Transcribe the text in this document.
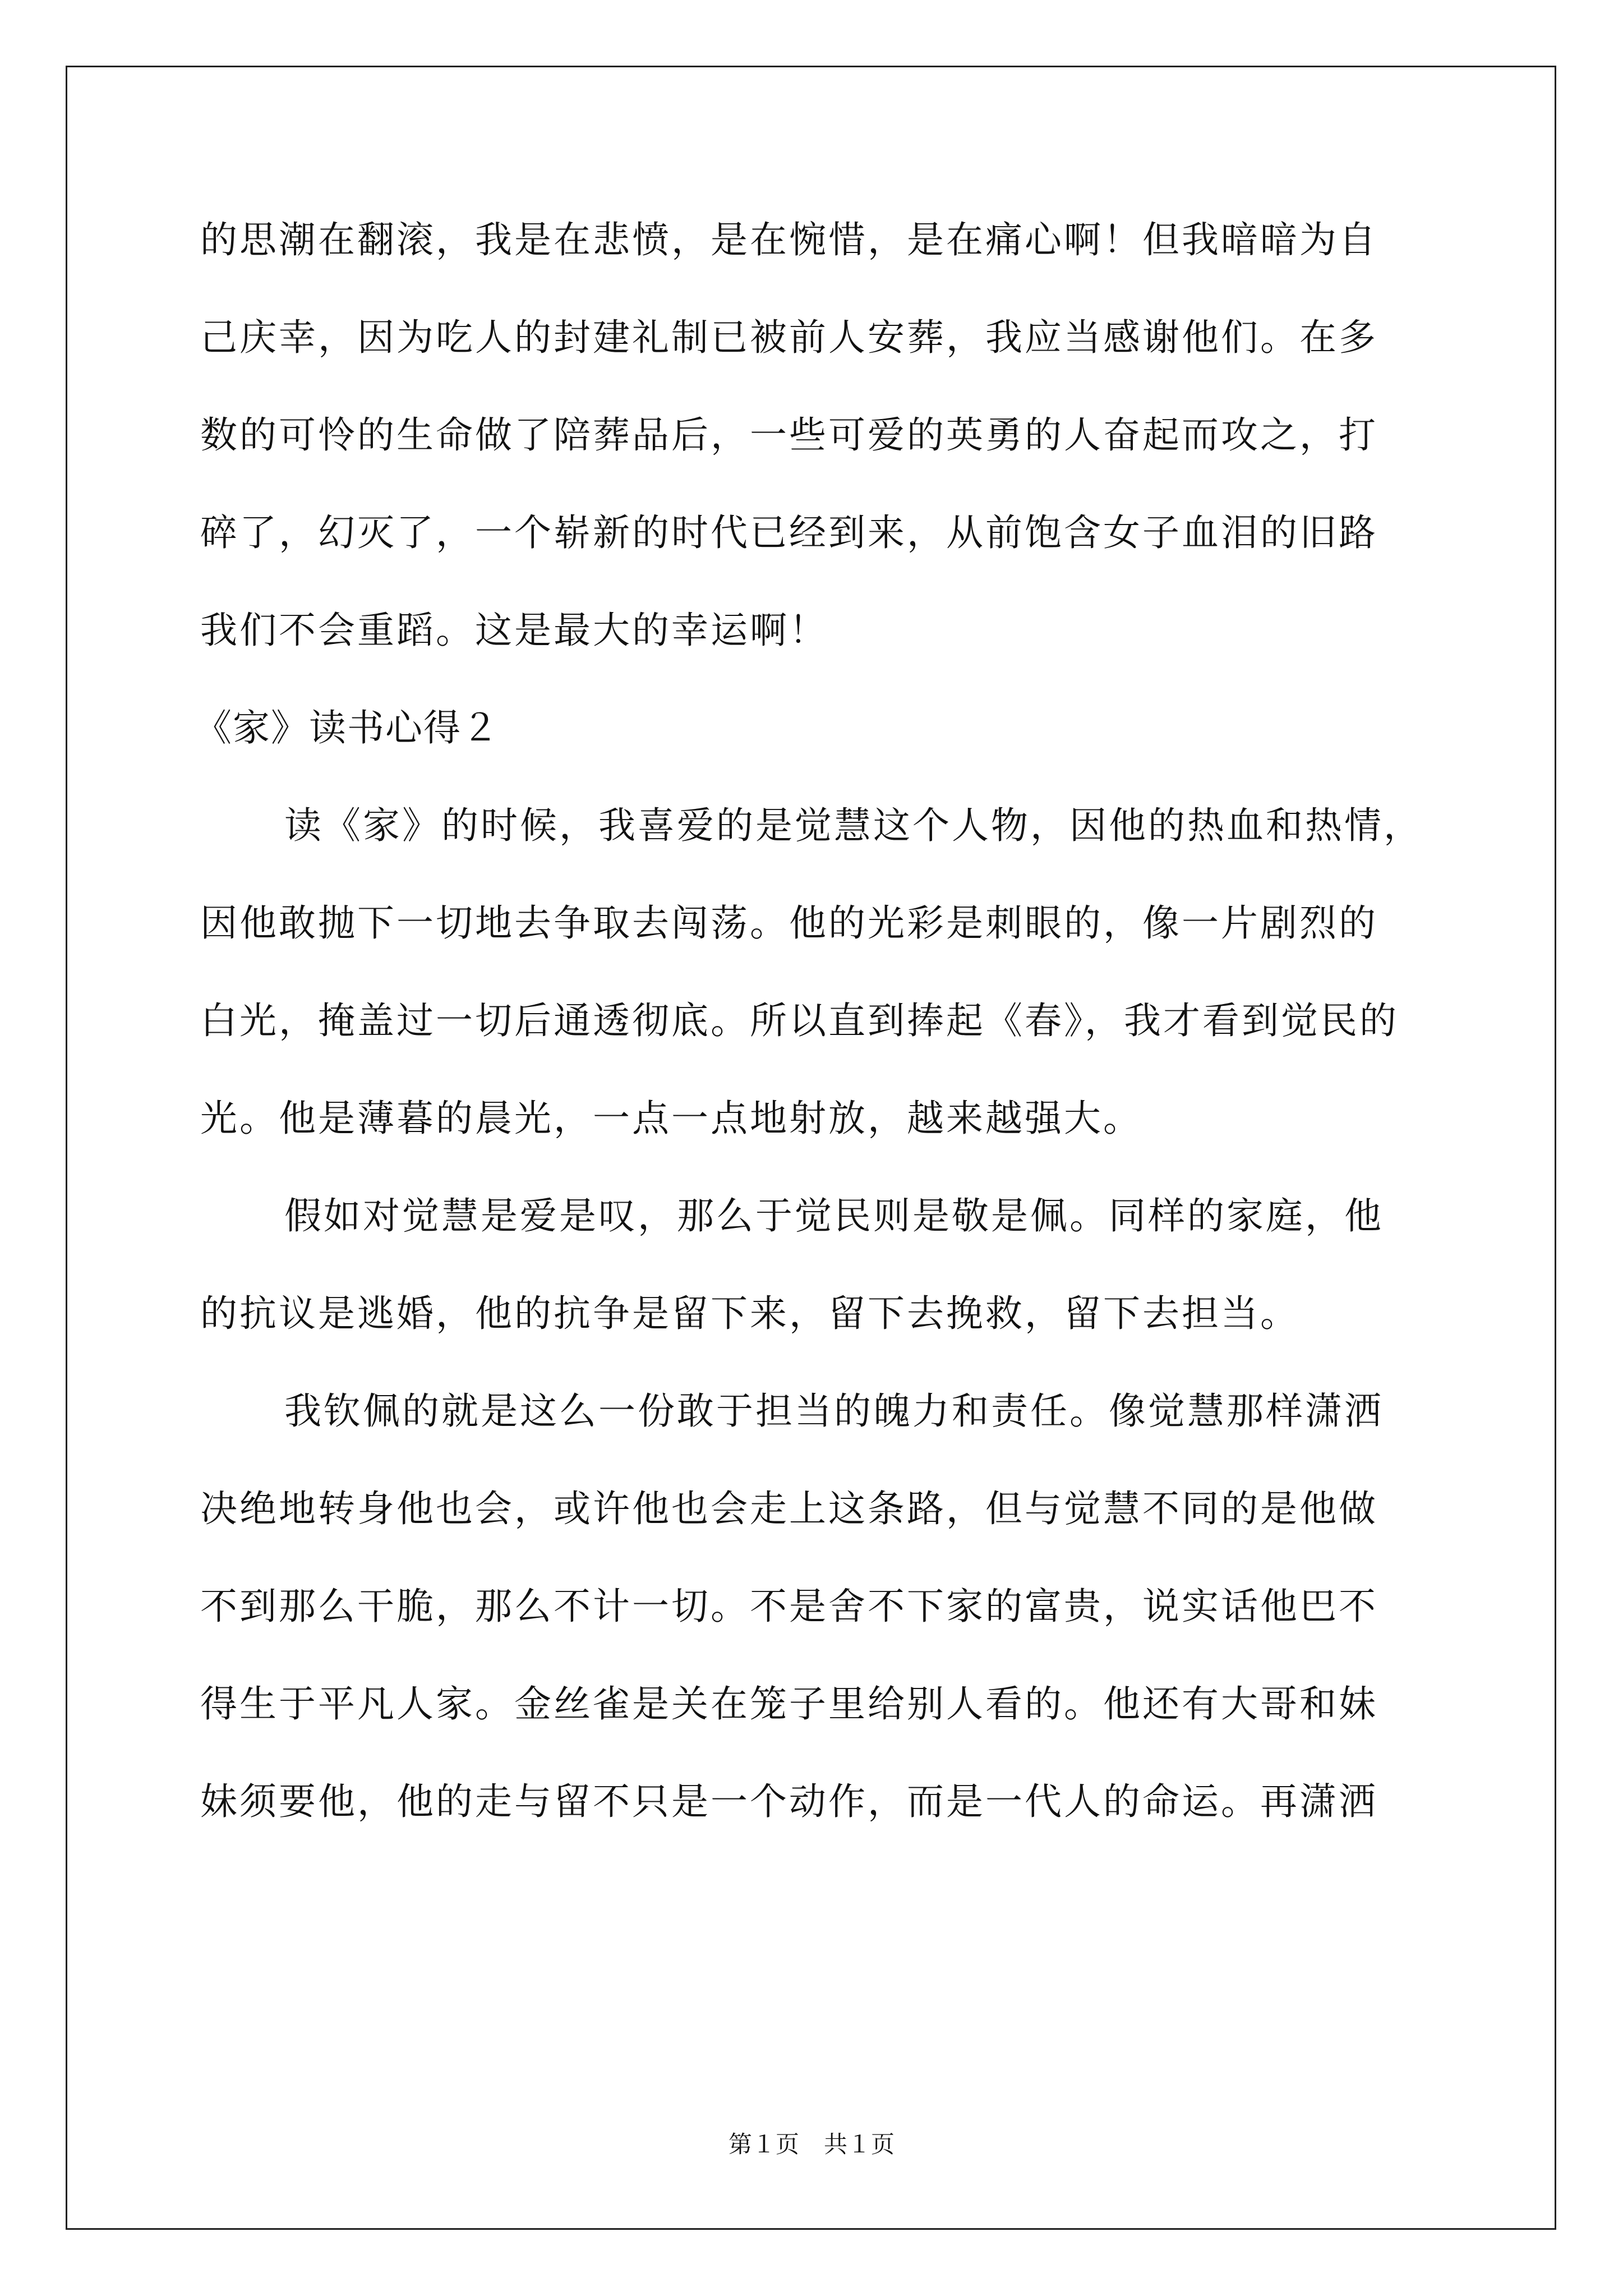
的思潮在翻滚，我是在悲愤，是在惋惜，是在痛心啊！但我暗暗为自
己庆幸，因为吃人的封建礼制已被前人安葬，我应当感谢他们。在多
数的可怜的生命做了陪葬品后，一些可爱的英勇的人奋起而攻之，打
碎了，幻灭了，一个崭新的时代已经到来，从前饱含女子血泪的旧路
我们不会重蹈。这是最大的幸运啊！
《家》读书心得２
读《家》的时候，我喜爱的是觉慧这个人物，因他的热血和热情，
因他敢抛下一切地去争取去闯荡。他的光彩是刺眼的，像一片剧烈的
白光，掩盖过一切后通透彻底。所以直到捧起《春》，我才看到觉民的
光。他是薄暮的晨光，一点一点地射放，越来越强大。
假如对觉慧是爱是叹，那么于觉民则是敬是佩。同样的家庭，他
的抗议是逃婚，他的抗争是留下来，留下去挽救，留下去担当。
我钦佩的就是这么一份敢于担当的魄力和责任。像觉慧那样潇洒
决绝地转身他也会，或许他也会走上这条路，但与觉慧不同的是他做
不到那么干脆，那么不计一切。不是舍不下家的富贵，说实话他巴不
得生于平凡人家。金丝雀是关在笼子里给别人看的。他还有大哥和妹
妹须要他，他的走与留不只是一个动作，而是一代人的命运。再潇洒
第１页 共１页
